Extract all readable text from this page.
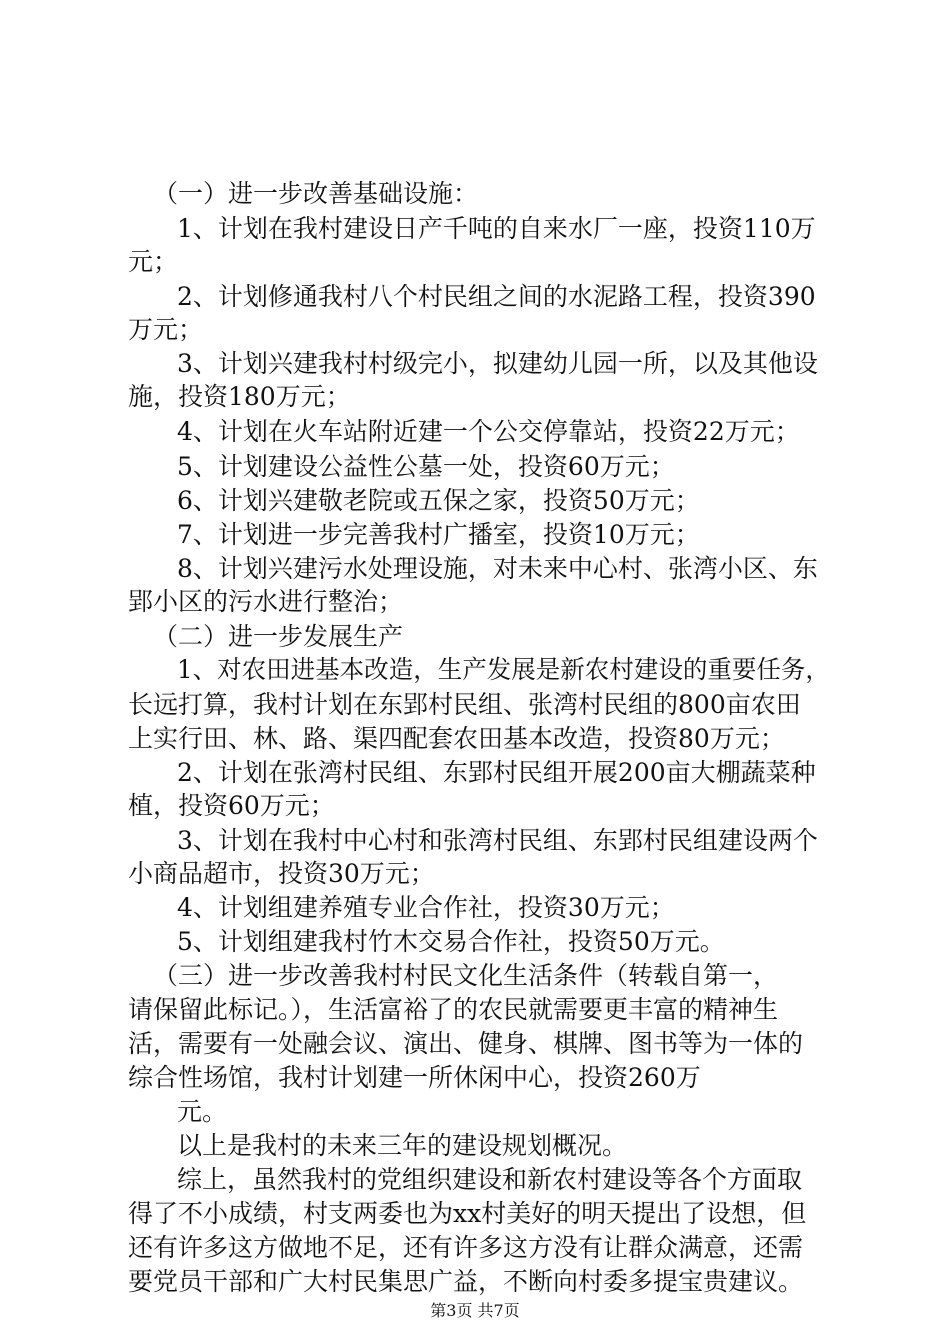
（一）进一步改善基础设施：
1、计划在我村建设日产千吨的自来水厂一座，投资110万
元；
2、计划修通我村八个村民组之间的水泥路工程，投资390
万元；
3、计划兴建我村村级完小，拟建幼儿园一所，以及其他设
施，投资180万元；
4、计划在火车站附近建一个公交停靠站，投资22万元；
5、计划建设公益性公墓一处，投资60万元；
6、计划兴建敬老院或五保之家，投资50万元；
7、计划进一步完善我村广播室，投资10万元；
8、计划兴建污水处理设施，对未来中心村、张湾小区、东
郢小区的污水进行整治；
（二）进一步发展生产
1、对农田进基本改造，生产发展是新农村建设的重要任务，
长远打算，我村计划在东郢村民组、张湾村民组的800亩农田
上实行田、林、路、渠四配套农田基本改造，投资80万元；
2、计划在张湾村民组、东郢村民组开展200亩大棚蔬菜种
植，投资60万元；
3、计划在我村中心村和张湾村民组、东郢村民组建设两个
小商品超市，投资30万元；
4、计划组建养殖专业合作社，投资30万元；
5、计划组建我村竹木交易合作社，投资50万元。
（三）进一步改善我村村民文化生活条件（转载自第一，
请保留此标记。），生活富裕了的农民就需要更丰富的精神生
活，需要有一处融会议、演出、健身、棋牌、图书等为一体的
综合性场馆，我村计划建一所休闲中心，投资260万
元。
以上是我村的未来三年的建设规划概况。
综上，虽然我村的党组织建设和新农村建设等各个方面取
得了不小成绩，村支两委也为xx村美好的明天提出了设想，但
还有许多这方做地不足，还有许多这方没有让群众满意，还需
要党员干部和广大村民集思广益，不断向村委多提宝贵建议。
第3页 共7页
